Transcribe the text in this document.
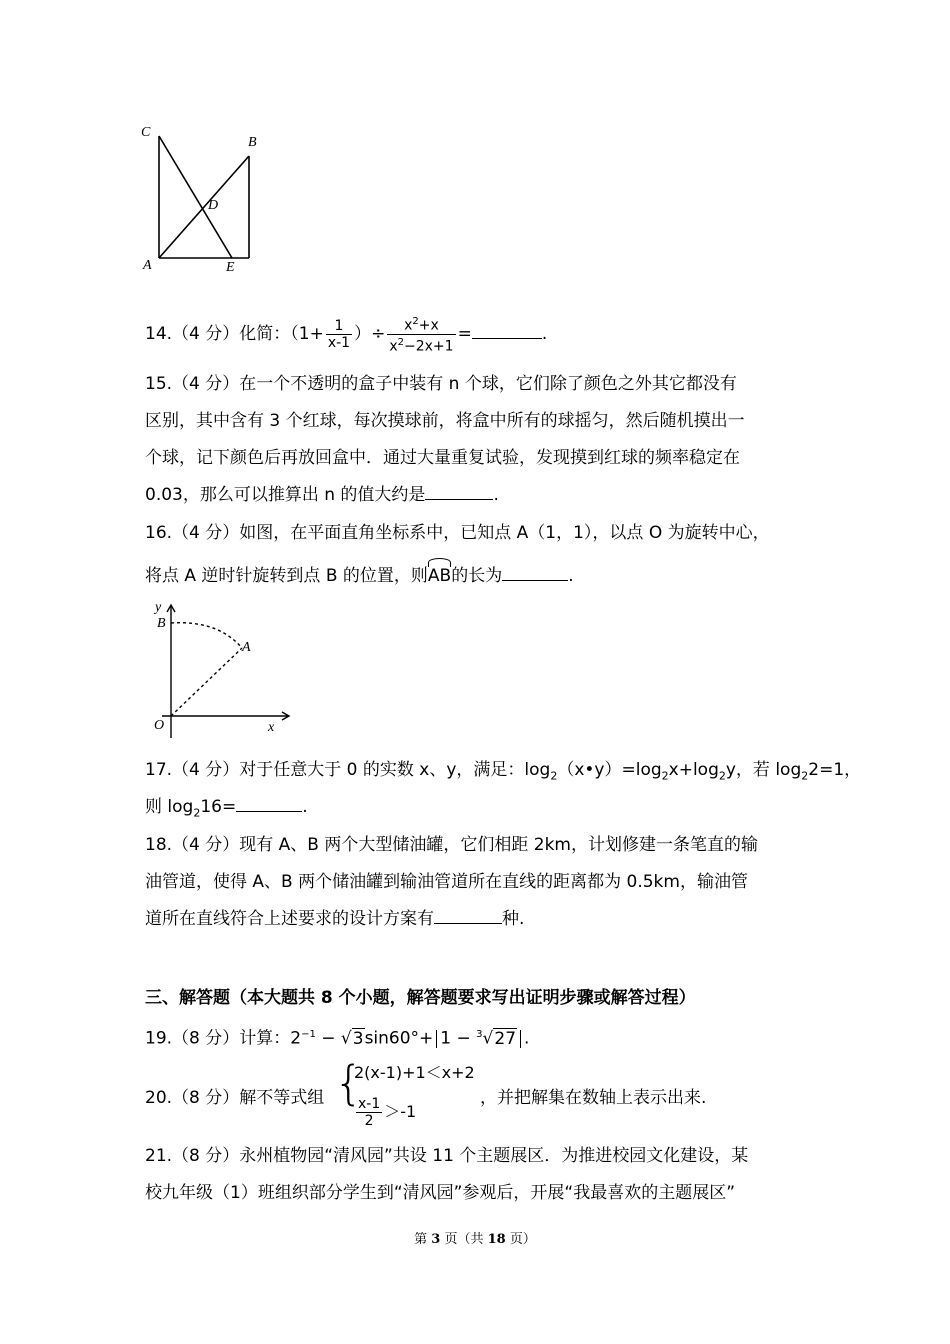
C
B
D
A	E
14.（4 分）化简：（$1+ \frac{1}{x-1}$ ）÷ $\frac{x^2+x}{x^2-2x+1}$ =	.
15.（4 分）在一个不透明的盒子中装有 n 个球，它们除了颜色之外其它都没有
区别，其中含有 3 个红球，每次摸球前，将盒中所有的球摇匀，然后随机摸出一
个球，记下颜色后再放回盒中．通过大量重复试验，发现摸到红球的频率稳定在
0.03，那么可以推算出 n 的值大约是	.
16.（4 分）如图，在平面直角坐标系中，已知点 A（1，1），以点 O 为旋转中心，
将点 A 逆时针旋转到点 B 的位置，则AB的长为	.
y
B
A
O	x
17.（4 分）对于任意大于 0 的实数 x、y，满足：$\log_2(x•y)=\log_2x+\log_2y$，若 $\log_22=1$，
则 $\log_216=$	.
18.（4 分）现有 A、B 两个大型储油罐，它们相距 2km，计划修建一条笔直的输
油管道，使得 A、B 两个储油罐到输油管道所在直线的距离都为 0.5km，输油管
道所在直线符合上述要求的设计方案有	种.
三、解答题（本大题共 8 个小题，解答题要求写出证明步骤或解答过程）
19.（8 分）计算：$2^{-1} - √3\sin 60^\circ+ 1 - ^3√27$ .
20.（8 分）解不等式组 {
2(x-1)+1＜x+2
$\frac{x-1}{2} >-1$
，并把解集在数轴上表示出来.
21.（8 分）永州植物园“清风园”共设 11 个主题展区．为推进校园文化建设，某
校九年级（1）班组织部分学生到“清风园”参观后，开展“我最喜欢的主题展区”
第 3 页（共 18 页）
